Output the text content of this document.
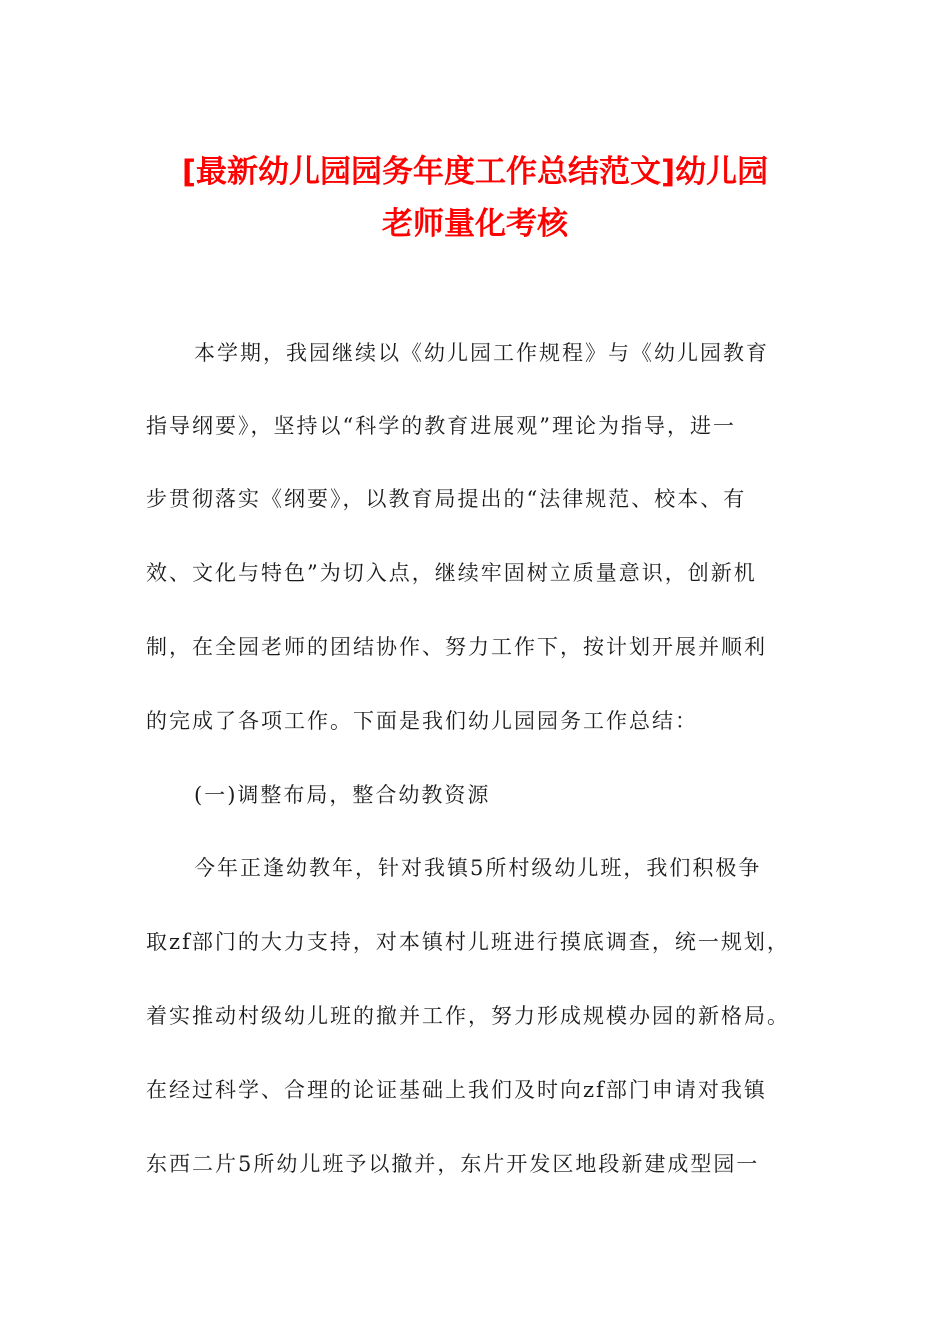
[最新幼儿园园务年度工作总结范文]幼儿园
老师量化考核

本学期，我园继续以《幼儿园工作规程》与《幼儿园教育

指导纲要》，坚持以“科学的教育进展观”理论为指导，进一

步贯彻落实《纲要》，以教育局提出的“法律规范、校本、有

效、文化与特色”为切入点，继续牢固树立质量意识，创新机

制，在全园老师的团结协作、努力工作下，按计划开展并顺利

的完成了各项工作。下面是我们幼儿园园务工作总结：

(一)调整布局，整合幼教资源

今年正逢幼教年，针对我镇5所村级幼儿班，我们积极争

取zf部门的大力支持，对本镇村儿班进行摸底调查，统一规划，

着实推动村级幼儿班的撤并工作，努力形成规模办园的新格局。

在经过科学、合理的论证基础上我们及时向zf部门申请对我镇

东西二片5所幼儿班予以撤并，东片开发区地段新建成型园一
